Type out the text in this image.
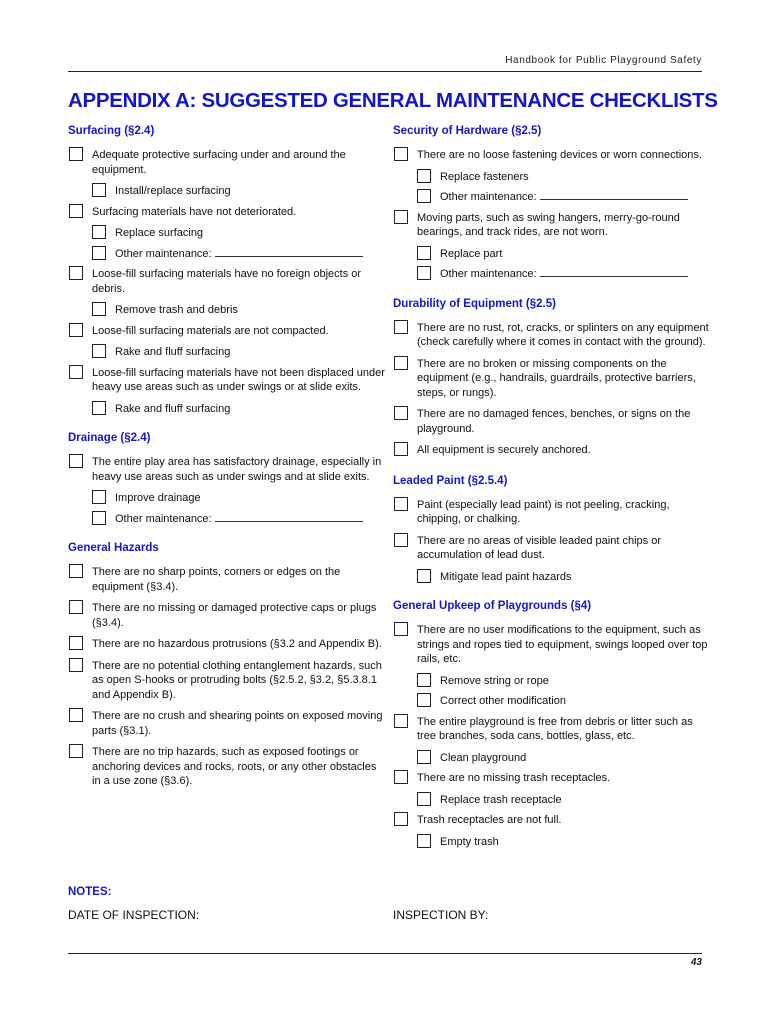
Handbook for Public Playground Safety
APPENDIX A: SUGGESTED GENERAL MAINTENANCE CHECKLISTS
Surfacing (§2.4)
Adequate protective surfacing under and around the equipment.
Install/replace surfacing
Surfacing materials have not deteriorated.
Replace surfacing
Other maintenance:
Loose-fill surfacing materials have no foreign objects or debris.
Remove trash and debris
Loose-fill surfacing materials are not compacted.
Rake and fluff surfacing
Loose-fill surfacing materials have not been displaced under heavy use areas such as under swings or at slide exits.
Rake and fluff surfacing
Drainage (§2.4)
The entire play area has satisfactory drainage, especially in heavy use areas such as under swings and at slide exits.
Improve drainage
Other maintenance:
General Hazards
There are no sharp points, corners or edges on the equipment (§3.4).
There are no missing or damaged protective caps or plugs (§3.4).
There are no hazardous protrusions (§3.2 and Appendix B).
There are no potential clothing entanglement hazards, such as open S-hooks or protruding bolts (§2.5.2, §3.2, §5.3.8.1 and Appendix B).
There are no crush and shearing points on exposed moving parts (§3.1).
There are no trip hazards, such as exposed footings or anchoring devices and rocks, roots, or any other obstacles in a use zone (§3.6).
Security of Hardware (§2.5)
There are no loose fastening devices or worn connections.
Replace fasteners
Other maintenance:
Moving parts, such as swing hangers, merry-go-round bearings, and track rides, are not worn.
Replace part
Other maintenance:
Durability of Equipment (§2.5)
There are no rust, rot, cracks, or splinters on any equipment (check carefully where it comes in contact with the ground).
There are no broken or missing components on the equipment (e.g., handrails, guardrails, protective barriers, steps, or rungs).
There are no damaged fences, benches, or signs on the playground.
All equipment is securely anchored.
Leaded Paint (§2.5.4)
Paint (especially lead paint) is not peeling, cracking, chipping, or chalking.
There are no areas of visible leaded paint chips or accumulation of lead dust.
Mitigate lead paint hazards
General Upkeep of Playgrounds (§4)
There are no user modifications to the equipment, such as strings and ropes tied to equipment, swings looped over top rails, etc.
Remove string or rope
Correct other modification
The entire playground is free from debris or litter such as tree branches, soda cans, bottles, glass, etc.
Clean playground
There are no missing trash receptacles.
Replace trash receptacle
Trash receptacles are not full.
Empty trash
NOTES:
DATE OF INSPECTION:	INSPECTION BY:
43
